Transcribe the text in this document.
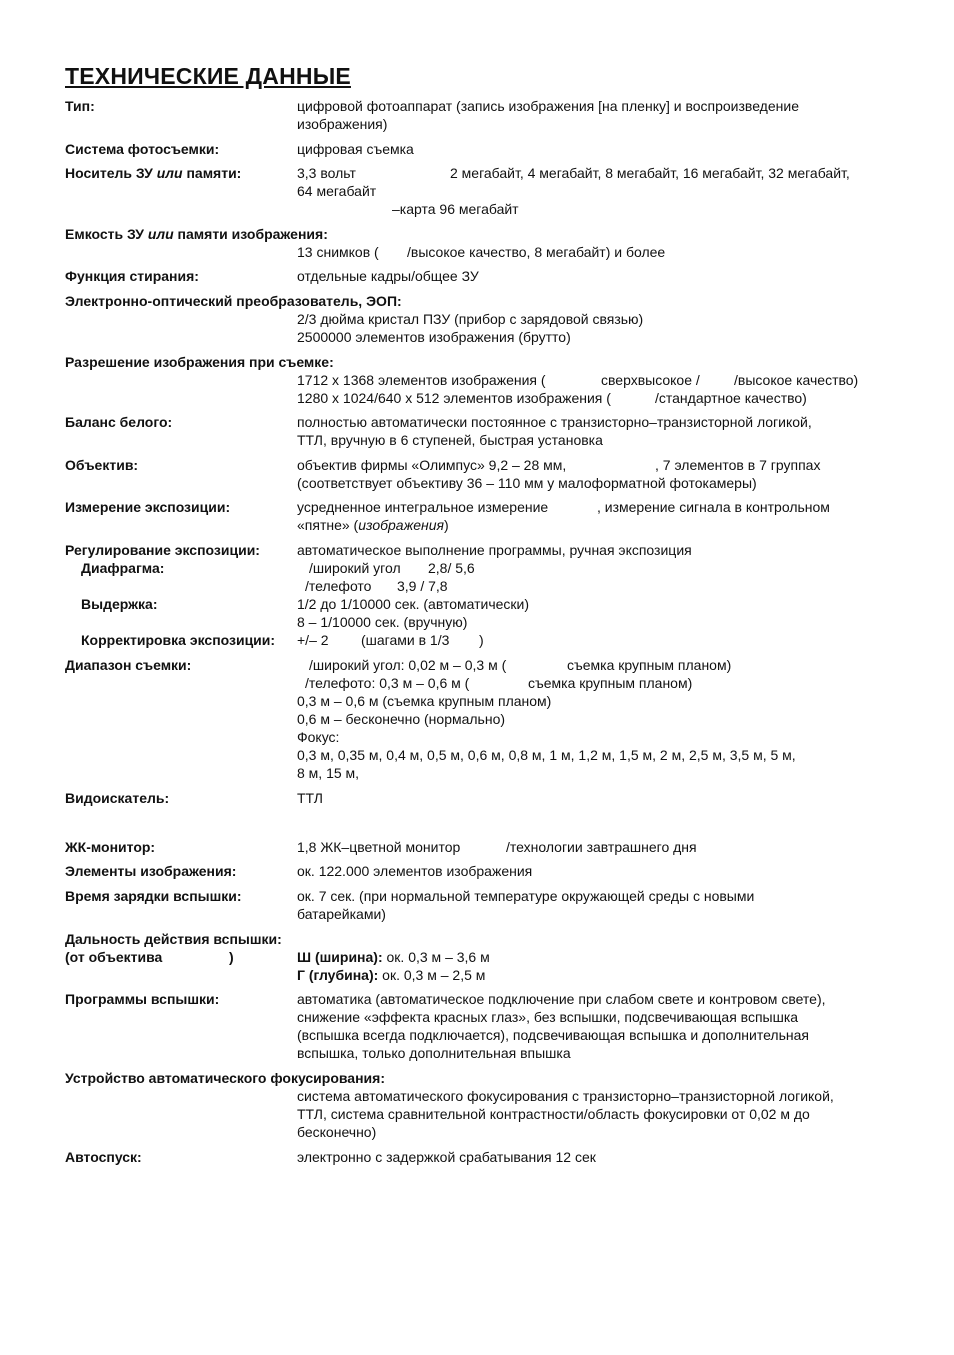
ТЕХНИЧЕСКИЕ ДАННЫЕ
Тип:	цифровой фотоаппарат (запись изображения [на пленку] и воспроизведение
изображения)
Система фотосъемки:	цифровая съемка
Носитель ЗУ или памяти:	3,3 вольт	2 мегабайт, 4 мегабайт, 8 мегабайт, 16 мегабайт, 32 мегабайт,
64 мегабайт
–карта 96 мегабайт
Емкость ЗУ или памяти изображения:
13 снимков ( /высокое качество, 8 мегабайт) и более
Функция стирания:	отдельные кадры/общее ЗУ
Электронно-оптический преобразователь, ЭОП:
2/3 дюйма кристал ПЗУ (прибор с зарядовой связью)
2500000 элементов изображения (брутто)
Разрешение изображения при съемке:
1712 x 1368 элементов изображения (	сверхвысокое / /высокое качество)
1280 x 1024/640 x 512 элементов изображения (	/стандартное качество)
Баланс белого:	полностью автоматически постоянное с транзисторно–транзисторной логикой,
ТТЛ, вручную в 6 ступеней, быстрая установка
Объектив:	объектив фирмы «Олимпус» 9,2 – 28 мм,	, 7 элементов в 7 группах
(соответствует объективу 36 – 110 мм у малоформатной фотокамеры)
Измерение экспозиции:	усредненное интегральное измерение	, измерение сигнала в контрольном
«пятне» (изображения)
Регулирование экспозиции:	автоматическое выполнение программы, ручная экспозиция
Диафрагма:	/широкий угол 2,8/ 5,6
/телефото 3,9 / 7,8
Выдержка:	1/2 до 1/10000 сек. (автоматически)
8 – 1/10000 сек. (вручную)
Корректировка экспозиции: +/– 2 (шагами в 1/3 )
Диапазон съемки:	/широкий угол: 0,02 м – 0,3 м (	съемка крупным планом)
/телефото: 0,3 м – 0,6 м (	съемка крупным планом)
0,3 м – 0,6 м (съемка крупным планом)
0,6 м – бесконечно (нормально)
Фокус:
0,3 м, 0,35 м, 0,4 м, 0,5 м, 0,6 м, 0,8 м, 1 м, 1,2 м, 1,5 м, 2 м, 2,5 м, 3,5 м, 5 м,
8 м, 15 м,
Видоискатель:	ТТЛ
ЖК-монитор:	1,8 ЖК–цветной монитор	/технологии завтрашнего дня
Элементы изображения:	ок. 122.000 элементов изображения
Время зарядки вспышки:	ок. 7 сек. (при нормальной температуре окружающей среды с новыми
батарейками)
Дальность действия вспышки:
(от объектива	)	Ш (ширина): ок. 0,3 м – 3,6 м
Г (глубина): ок. 0,3 м – 2,5 м
Программы вспышки:	автоматика (автоматическое подключение при слабом свете и контровом свете),
снижение «эффекта красных глаз», без вспышки, подсвечивающая вспышка
(вспышка всегда подключается), подсвечивающая вспышка и дополнительная
вспышка, только дополнительная впышка
Устройство автоматического фокусирования:
система автоматического фокусирования с транзисторно–транзисторной логикой,
ТТЛ, система сравнительной контрастности/область фокусировки от 0,02 м до
бесконечно)
Автоспуск:	электронно с задержкой срабатывания 12 сек
